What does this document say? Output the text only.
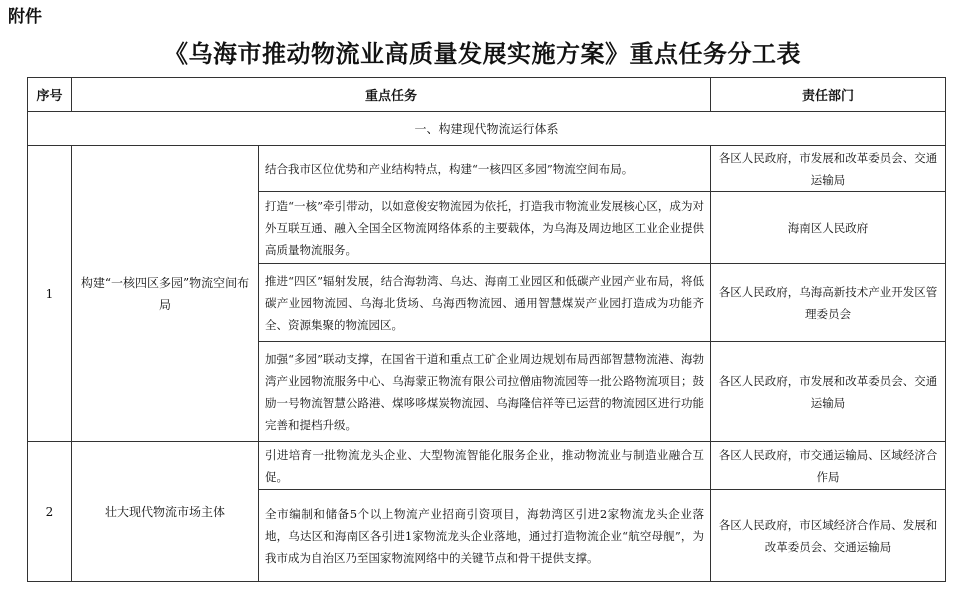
附件
《乌海市推动物流业高质量发展实施方案》重点任务分工表
序号	重点任务		责任部门
一、构建现代物流运行体系			
1	构建“一核四区多园”物流空间布局	结合我市区位优势和产业结构特点，构建“一核四区多园”物流空间布局。	各区人民政府，市发展和改革委员会、交通运输局
		打造“一核”牵引带动，以如意俊安物流园为依托，打造我市物流业发展核心区，成为对外互联互通、融入全国全区物流网络体系的主要载体，为乌海及周边地区工业企业提供高质量物流服务。	海南区人民政府
		推进“四区”辐射发展，结合海勃湾、乌达、海南工业园区和低碳产业园产业布局，将低碳产业园物流园、乌海北货场、乌海西物流园、通用智慧煤炭产业园打造成为功能齐全、资源集聚的物流园区。	各区人民政府，乌海高新技术产业开发区管理委员会
		加强“多园”联动支撑，在国省干道和重点工矿企业周边规划布局西部智慧物流港、海勃湾产业园物流服务中心、乌海蒙正物流有限公司拉僧庙物流园等一批公路物流项目；鼓励一号物流智慧公路港、煤哆哆煤炭物流园、乌海隆信祥等已运营的物流园区进行功能完善和提档升级。	各区人民政府，市发展和改革委员会、交通运输局
2	壮大现代物流市场主体	引进培育一批物流龙头企业、大型物流智能化服务企业，推动物流业与制造业融合互促。	各区人民政府，市交通运输局、区域经济合作局
		全市编制和储备5个以上物流产业招商引资项目，海勃湾区引进2家物流龙头企业落地，乌达区和海南区各引进1家物流龙头企业落地，通过打造物流企业“航空母舰”，为我市成为自治区乃至国家物流网络中的关键节点和骨干提供支撑。	各区人民政府，市区域经济合作局、发展和改革委员会、交通运输局
